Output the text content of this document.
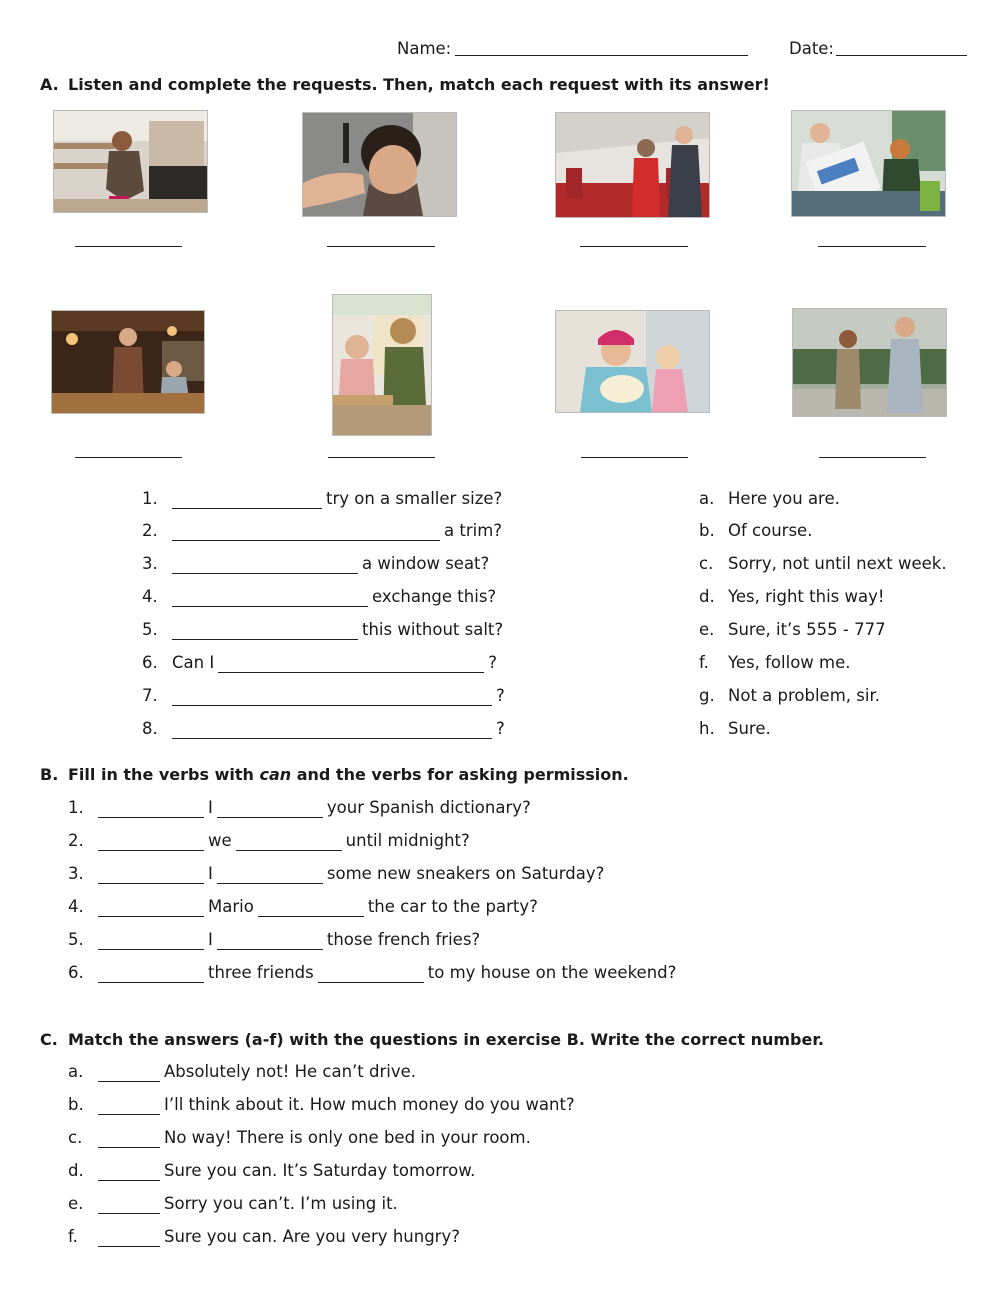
Name:	Date:
A. Listen and complete the requests. Then, match each request with its answer!
1.	try on a smaller size?
2.	a trim?
3.	a window seat?
4.	exchange this?
5.	this without salt?
6. Can I	?
7.	?
8.	?
a. Here you are.
b. Of course.
c. Sorry, not until next week.
d. Yes, right this way!
e. Sure, it’s 555 - 777
f.	Yes, follow me.
g. Not a problem, sir.
h. Sure.
B. Fill in the verbs with can and the verbs for asking permission.
1.	I	your Spanish dictionary?
2.	we	until midnight?
3.	I	some new sneakers on Saturday?
4.	Mario	the car to the party?
5.	I	those french fries?
6.	three friends	to my house on the weekend?
C. Match the answers (a-f) with the questions in exercise B. Write the correct number.
a.	Absolutely not! He can’t drive.
b.	I’ll think about it. How much money do you want?
c.	No way! There is only one bed in your room.
d.	Sure you can. It’s Saturday tomorrow.
e.	Sorry you can’t. I’m using it.
f.	Sure you can. Are you very hungry?
